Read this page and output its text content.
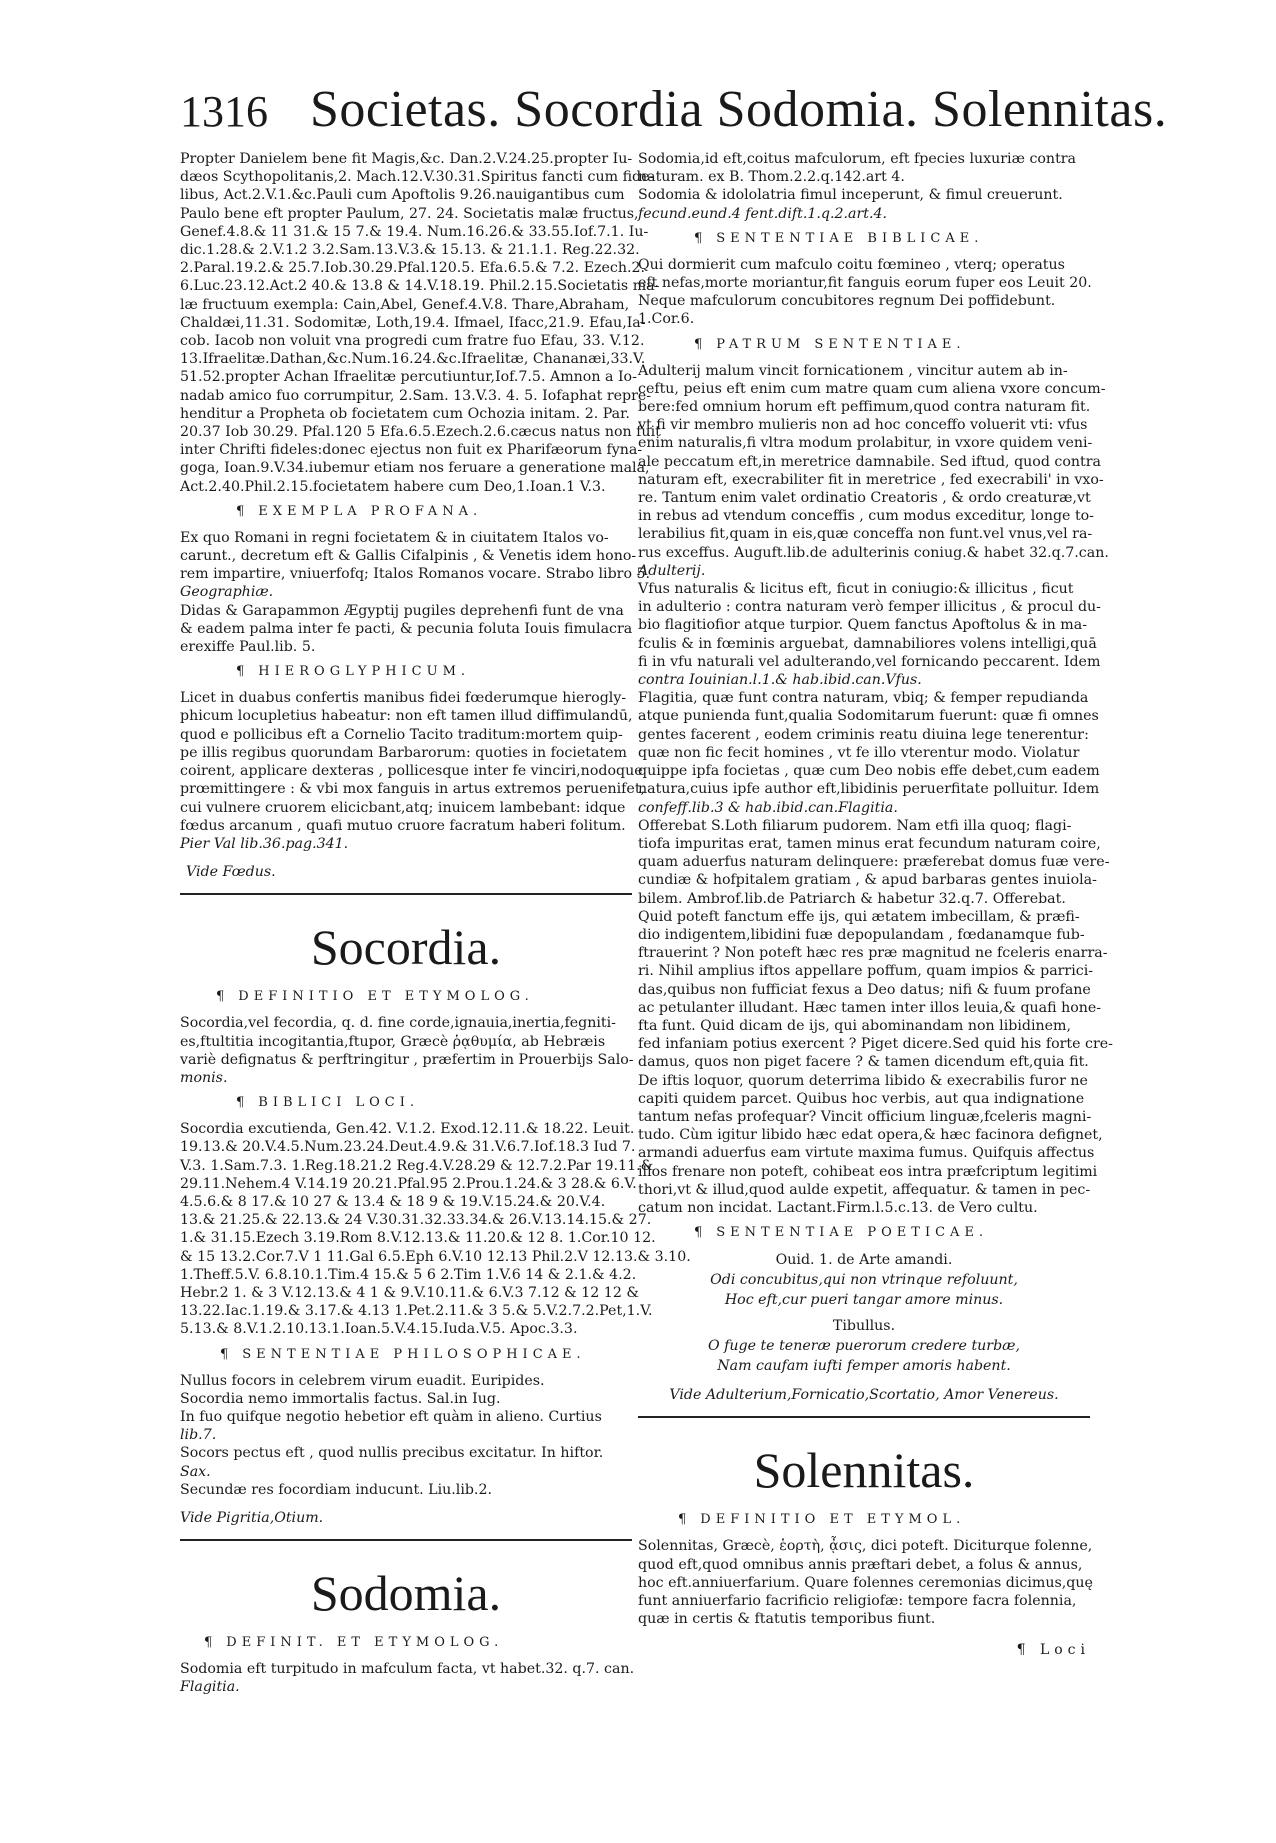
1316 Societas. Socordia Sodomia. Solennitas.
Propter Danielem bene fit Magis,&c. Dan.2.V.24.25.propter Iu-
dæos Scythopolitanis,2. Mach.12.V.30.31.Spiritus fancti cum fide-
libus, Act.2.V.1.&c.Pauli cum Apoftolis 9.26.nauigantibus cum
Paulo bene eft propter Paulum, 27. 24. Societatis malæ fructus,
Genef.4.8.& 11 31.& 15 7.& 19.4. Num.16.26.& 33.55.Iof.7.1. Iu-
dic.1.28.& 2.V.1.2 3.2.Sam.13.V.3.& 15.13. & 21.1.1. Reg.22.32.
2.Paral.19.2.& 25.7.Iob.30.29.Pfal.120.5. Efa.6.5.& 7.2. Ezech.2.
6.Luc.23.12.Act.2 40.& 13.8 & 14.V.18.19. Phil.2.15.Societatis ma-
læ fructuum exempla: Cain,Abel, Genef.4.V.8. Thare,Abraham,
Chaldæi,11.31. Sodomitæ, Loth,19.4. Ifmael, Ifacc,21.9. Efau,Ia-
cob. Iacob non voluit vna progredi cum fratre fuo Efau, 33. V.12.
13.Ifraelitæ.Dathan,&c.Num.16.24.&c.Ifraelitæ, Chananæi,33.V.
51.52.propter Achan Ifraelitæ percutiuntur,Iof.7.5. Amnon a Io-
nadab amico fuo corrumpitur, 2.Sam. 13.V.3. 4. 5. Iofaphat repre-
henditur a Propheta ob focietatem cum Ochozia initam. 2. Par.
20.37 Iob 30.29. Pfal.120 5 Efa.6.5.Ezech.2.6.cæcus natus non fuit
inter Chrifti fideles:donec ejectus non fuit ex Pharifæorum fyna-
goga, Ioan.9.V.34.iubemur etiam nos feruare a generatione mala,
Act.2.40.Phil.2.15.focietatem habere cum Deo,1.Ioan.1 V.3.
¶ EXEMPLA PROFANA.
Ex quo Romani in regni focietatem & in ciuitatem Italos vo-
carunt., decretum eft & Gallis Cifalpinis , & Venetis idem hono-
rem impartire, vniuerfofq; Italos Romanos vocare. Strabo libro 5.
Geographiæ.
Didas & Garapammon Ægyptij pugiles deprehenfi funt de vna
& eadem palma inter fe pacti, & pecunia foluta Iouis fimulacra
erexiffe Paul.lib. 5.
¶ HIEROGLYPHICUM.
Licet in duabus confertis manibus fidei fœderumque hierogly-
phicum locupletius habeatur: non eft tamen illud diffimulandū,
quod e pollicibus eft a Cornelio Tacito traditum:mortem quip-
pe illis regibus quorundam Barbarorum: quoties in focietatem
coirent, applicare dexteras , pollicesque inter fe vinciri,nodoque
prœmittingere : & vbi mox fanguis in artus extremos peruenifet,
cui vulnere cruorem elicicbant,atq; inuicem lambebant: idque
fœdus arcanum , quafi mutuo cruore facratum haberi folitum.
Pier Val lib.36.pag.341.
Vide Fœdus.
Socordia.
¶ DEFINITIO ET ETYMOLOG.
Socordia,vel fecordia, q. d. fine corde,ignauia,inertia,fegniti-
es,ftultitia incogitantia,ftupor, Græcè ῥᾳθυμία, ab Hebræis
variè defignatus & perftringitur , præfertim in Prouerbijs Salo-
monis.
¶ BIBLICI LOCI.
Socordia excutienda, Gen.42. V.1.2. Exod.12.11.& 18.22. Leuit.
19.13.& 20.V.4.5.Num.23.24.Deut.4.9.& 31.V.6.7.Iof.18.3 Iud 7.
V.3. 1.Sam.7.3. 1.Reg.18.21.2 Reg.4.V.28.29 & 12.7.2.Par 19.11.&
29.11.Nehem.4 V.14.19 20.21.Pfal.95 2.Prou.1.24.& 3 28.& 6.V.
4.5.6.& 8 17.& 10 27 & 13.4 & 18 9 & 19.V.15.24.& 20.V.4.
13.& 21.25.& 22.13.& 24 V.30.31.32.33.34.& 26.V.13.14.15.& 27.
1.& 31.15.Ezech 3.19.Rom 8.V.12.13.& 11.20.& 12 8. 1.Cor.10 12.
& 15 13.2.Cor.7.V 1 11.Gal 6.5.Eph 6.V.10 12.13 Phil.2.V 12.13.& 3.10.
1.Theff.5.V. 6.8.10.1.Tim.4 15.& 5 6 2.Tim 1.V.6 14 & 2.1.& 4.2.
Hebr.2 1. & 3 V.12.13.& 4 1 & 9.V.10.11.& 6.V.3 7.12 & 12 12 &
13.22.Iac.1.19.& 3.17.& 4.13 1.Pet.2.11.& 3 5.& 5.V.2.7.2.Pet,1.V.
5.13.& 8.V.1.2.10.13.1.Ioan.5.V.4.15.Iuda.V.5. Apoc.3.3.
¶ SENTENTIAE PHILOSOPHICAE.
Nullus focors in celebrem virum euadit. Euripides.
Socordia nemo immortalis factus. Sal.in Iug.
In fuo quifque negotio hebetior eft quàm in alieno. Curtius
lib.7.
Socors pectus eft , quod nullis precibus excitatur. In hiftor.
Sax.
Secundæ res focordiam inducunt. Liu.lib.2.
Vide Pigritia,Otium.
Sodomia.
¶ DEFINIT. ET ETYMOLOG.
Sodomia eft turpitudo in mafculum facta, vt habet.32. q.7. can.
Flagitia.
Sodomia,id eft,coitus mafculorum, eft fpecies luxuriæ contra
naturam. ex B. Thom.2.2.q.142.art 4.
Sodomia & idololatria fimul inceperunt, & fimul creuerunt.
fecund.eund.4 fent.dift.1.q.2.art.4.
¶ SENTENTIAE BIBLICAE.
Qui dormierit cum mafculo coitu fœmineo , vterq; operatus
eft nefas,morte moriantur,fit fanguis eorum fuper eos Leuit 20.
Neque mafculorum concubitores regnum Dei poffidebunt.
1.Cor.6.
¶ PATRUM SENTENTIAE.
Adulterij malum vincit fornicationem , vincitur autem ab in-
ceftu, peius eft enim cum matre quam cum aliena vxore concum-
bere:fed omnium horum eft peffimum,quod contra naturam fit.
vt fi vir membro mulieris non ad hoc conceffo voluerit vti: vfus
enim naturalis,fi vltra modum prolabitur, in vxore quidem veni-
ale peccatum eft,in meretrice damnabile. Sed iftud, quod contra
naturam eft, execrabiliter fit in meretrice , fed execrabili' in vxo-
re. Tantum enim valet ordinatio Creatoris , & ordo creaturæ,vt
in rebus ad vtendum conceffis , cum modus exceditur, longe to-
lerabilius fit,quam in eis,quæ conceffa non funt.vel vnus,vel ra-
rus exceffus. Auguft.lib.de adulterinis coniug.& habet 32.q.7.can.
Adulterij.
Vfus naturalis & licitus eft, ficut in coniugio:& illicitus , ficut
in adulterio : contra naturam verò femper illicitus , & procul du-
bio flagitiofior atque turpior. Quem fanctus Apoftolus & in ma-
fculis & in fœminis arguebat, damnabiliores volens intelligi,quā
fi in vfu naturali vel adulterando,vel fornicando peccarent. Idem
contra Iouinian.l.1.& hab.ibid.can.Vfus.
Flagitia, quæ funt contra naturam, vbiq; & femper repudianda
atque punienda funt,qualia Sodomitarum fuerunt: quæ fi omnes
gentes facerent , eodem criminis reatu diuina lege tenerentur:
quæ non fic fecit homines , vt fe illo vterentur modo. Violatur
quippe ipfa focietas , quæ cum Deo nobis effe debet,cum eadem
natura,cuius ipfe author eft,libidinis peruerfitate polluitur. Idem
confeff.lib.3 & hab.ibid.can.Flagitia.
Offerebat S.Loth filiarum pudorem. Nam etfi illa quoq; flagi-
tiofa impuritas erat, tamen minus erat fecundum naturam coire,
quam aduerfus naturam delinquere: præferebat domus fuæ vere-
cundiæ & hofpitalem gratiam , & apud barbaras gentes inuiola-
bilem. Ambrof.lib.de Patriarch & habetur 32.q.7. Offerebat.
Quid poteft fanctum effe ijs, qui ætatem imbecillam, & præfi-
dio indigentem,libidini fuæ depopulandam , fœdanamque fub-
ftrauerint ? Non poteft hæc res præ magnitud ne fceleris enarra-
ri. Nihil amplius iftos appellare poffum, quam impios & parrici-
das,quibus non fufficiat fexus a Deo datus; nifi & fuum profane
ac petulanter illudant. Hæc tamen inter illos leuia,& quafi hone-
fta funt. Quid dicam de ijs, qui abominandam non libidinem,
fed infaniam potius exercent ? Piget dicere.Sed quid his forte cre-
damus, quos non piget facere ? & tamen dicendum eft,quia fit.
De iftis loquor, quorum deterrima libido & execrabilis furor ne
capiti quidem parcet. Quibus hoc verbis, aut qua indignatione
tantum nefas profequar? Vincit officium linguæ,fceleris magni-
tudo. Cùm igitur libido hæc edat opera,& hæc facinora defignet,
armandi aduerfus eam virtute maxima fumus. Quifquis affectus
illos frenare non poteft, cohibeat eos intra præfcriptum legitimi
thori,vt & illud,quod aulde expetit, affequatur. & tamen in pec-
catum non incidat. Lactant.Firm.l.5.c.13. de Vero cultu.
¶ SENTENTIAE POETICAE.
Ouid. 1. de Arte amandi.
Odi concubitus,qui non vtrinque refoluunt,
Hoc eft,cur pueri tangar amore minus.
Tibullus.
O fuge te teneræ puerorum credere turbæ,
Nam caufam iufti femper amoris habent.
Vide Adulterium,Fornicatio,Scortatio, Amor Venereus.
Solennitas.
¶ DEFINITIO ET ETYMOL.
Solennitas, Græcè, ἑορτὴ, ᾆσις, dici poteft. Diciturque folenne,
quod eft,quod omnibus annis præftari debet, a folus & annus,
hoc eft.anniuerfarium. Quare folennes ceremonias dicimus,quę
funt anniuerfario facrificio religiofæ: tempore facra folennia,
quæ in certis & ftatutis temporibus fiunt.
¶ Loci
